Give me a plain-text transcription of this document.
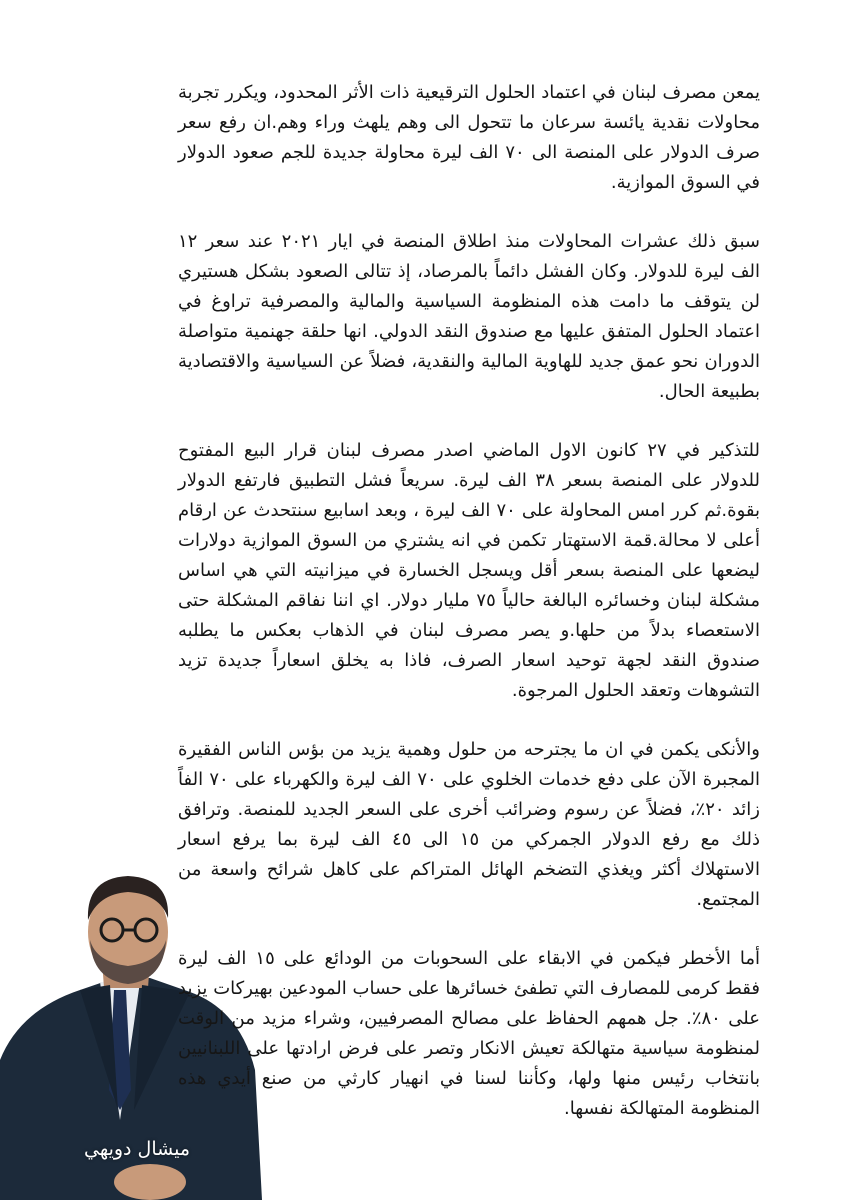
يمعن مصرف لبنان في اعتماد الحلول الترقيعية ذات الأثر المحدود، ويكرر تجربة محاولات نقدية يائسة سرعان ما تتحول الى وهم يلهث وراء وهم.ان رفع سعر صرف الدولار على المنصة الى ٧٠ الف ليرة محاولة جديدة للجم صعود الدولار في السوق الموازية.

سبق ذلك عشرات المحاولات منذ اطلاق المنصة في ايار ٢٠٢١ عند سعر ١٢ الف ليرة للدولار. وكان الفشل دائماً بالمرصاد، إذ تتالى الصعود بشكل هستيري لن يتوقف ما دامت هذه المنظومة السياسية والمالية والمصرفية تراوغ في اعتماد الحلول المتفق عليها مع صندوق النقد الدولي. انها حلقة جهنمية متواصلة الدوران نحو عمق جديد للهاوية المالية والنقدية، فضلاً عن السياسية والاقتصادية بطبيعة الحال.

للتذكير في ٢٧ كانون الاول الماضي اصدر مصرف لبنان قرار البيع المفتوح للدولار على المنصة بسعر ٣٨ الف ليرة. سريعاً فشل التطبيق فارتفع الدولار بقوة.ثم كرر امس المحاولة على ٧٠ الف ليرة ، وبعد اسابيع سنتحدث عن ارقام أعلى لا محالة.قمة الاستهتار تكمن في انه يشتري من السوق الموازية دولارات ليضعها على المنصة بسعر أقل ويسجل الخسارة في ميزانيته التي هي اساس مشكلة لبنان وخسائره البالغة حالياً ٧٥ مليار دولار. اي اننا نفاقم المشكلة حتى الاستعصاء بدلاً من حلها.و يصر مصرف لبنان في الذهاب بعكس ما يطلبه صندوق النقد لجهة توحيد اسعار الصرف، فاذا به يخلق اسعاراً جديدة تزيد التشوهات وتعقد الحلول المرجوة.

والأنكى يكمن في ان ما يجترحه من حلول وهمية يزيد من بؤس الناس الفقيرة المجبرة الآن على دفع خدمات الخلوي على ٧٠ الف ليرة والكهرباء على ٧٠ الفاً زائد ٢٠٪، فضلاً عن رسوم وضرائب أخرى على السعر الجديد للمنصة. وترافق ذلك مع رفع الدولار الجمركي من ١٥ الى ٤٥ الف ليرة بما يرفع اسعار الاستهلاك أكثر ويغذي التضخم الهائل المتراكم على كاهل شرائح واسعة من المجتمع.

أما الأخطر فيكمن في الابقاء على السحوبات من الودائع على ١٥ الف ليرة فقط كرمى للمصارف التي تطفئ خسائرها على حساب المودعين بهيركات يزيد على ٨٠٪. جل همهم الحفاظ على مصالح المصرفيين، وشراء مزيد من الوقت لمنظومة سياسية متهالكة تعيش الانكار وتصر على فرض ارادتها على اللبنانيين بانتخاب رئيس منها ولها، وكأننا لسنا في انهيار كارثي من صنع أيدي هذه المنظومة المتهالكة نفسها.

ميشال دويهي
